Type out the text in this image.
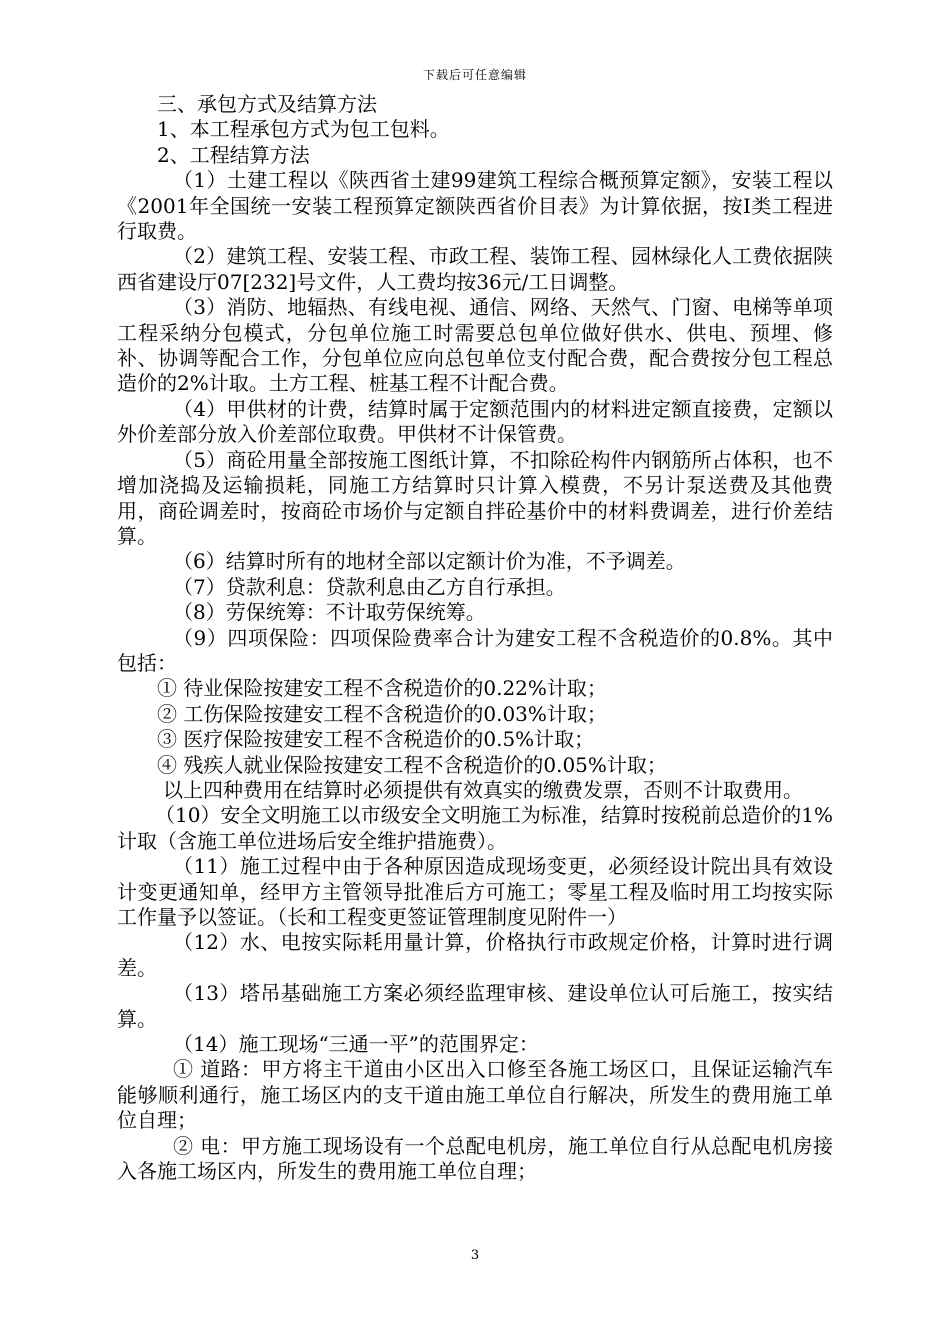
下载后可任意编辑

三、承包方式及结算方法

1、本工程承包方式为包工包料。

2、工程结算方法

（1）土建工程以《陕西省土建99建筑工程综合概预算定额》，安装工程以《2001年全国统一安装工程预算定额陕西省价目表》为计算依据，按Ⅰ类工程进行取费。

（2）建筑工程、安装工程、市政工程、装饰工程、园林绿化人工费依据陕西省建设厅07[232]号文件，人工费均按36元/工日调整。

（3）消防、地辐热、有线电视、通信、网络、天然气、门窗、电梯等单项工程采纳分包模式，分包单位施工时需要总包单位做好供水、供电、预埋、修补、协调等配合工作，分包单位应向总包单位支付配合费，配合费按分包工程总造价的2%计取。土方工程、桩基工程不计配合费。

（4）甲供材的计费，结算时属于定额范围内的材料进定额直接费，定额以外价差部分放入价差部位取费。甲供材不计保管费。

（5）商砼用量全部按施工图纸计算，不扣除砼构件内钢筋所占体积，也不增加浇捣及运输损耗，同施工方结算时只计算入模费，不另计泵送费及其他费用，商砼调差时，按商砼市场价与定额自拌砼基价中的材料费调差，进行价差结算。

（6）结算时所有的地材全部以定额计价为准，不予调差。

（7）贷款利息：贷款利息由乙方自行承担。

（8）劳保统筹：不计取劳保统筹。

（9）四项保险：四项保险费率合计为建安工程不含税造价的0.8%。其中包括：

① 待业保险按建安工程不含税造价的0.22%计取；

② 工伤保险按建安工程不含税造价的0.03%计取；

③ 医疗保险按建安工程不含税造价的0.5%计取；

④ 残疾人就业保险按建安工程不含税造价的0.05%计取；

以上四种费用在结算时必须提供有效真实的缴费发票，否则不计取费用。

（10）安全文明施工以市级安全文明施工为标准，结算时按税前总造价的1%计取（含施工单位进场后安全维护措施费）。

（11）施工过程中由于各种原因造成现场变更，必须经设计院出具有效设计变更通知单，经甲方主管领导批准后方可施工；零星工程及临时用工均按实际工作量予以签证。（长和工程变更签证管理制度见附件一）

（12）水、电按实际耗用量计算，价格执行市政规定价格，计算时进行调差。

（13）塔吊基础施工方案必须经监理审核、建设单位认可后施工，按实结算。

（14）施工现场“三通一平”的范围界定：

① 道路：甲方将主干道由小区出入口修至各施工场区口，且保证运输汽车能够顺利通行，施工场区内的支干道由施工单位自行解决，所发生的费用施工单位自理；

② 电：甲方施工现场设有一个总配电机房，施工单位自行从总配电机房接入各施工场区内，所发生的费用施工单位自理；

3
